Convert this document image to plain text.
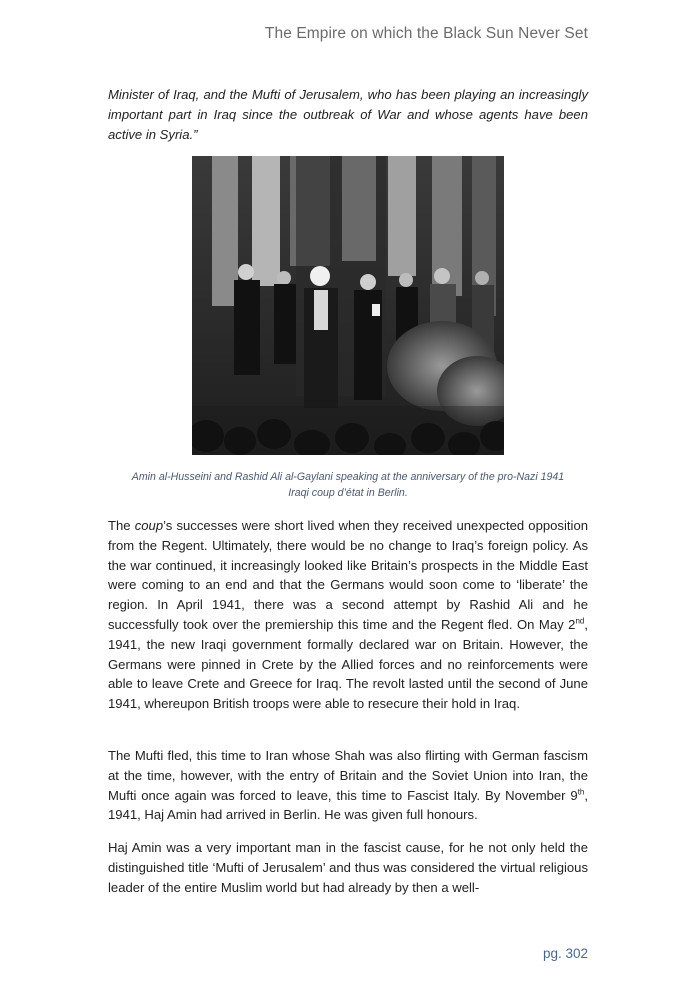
The Empire on which the Black Sun Never Set

Minister of Iraq, and the Mufti of Jerusalem, who has been playing an increasingly important part in Iraq since the outbreak of War and whose agents have been active in Syria.”

Amin al-Husseini and Rashid Ali al-Gaylani speaking at the anniversary of the pro-Nazi 1941
Iraqi coup d’état in Berlin.

The coup’s successes were short lived when they received unexpected opposition from the Regent. Ultimately, there would be no change to Iraq’s foreign policy. As the war continued, it increasingly looked like Britain’s prospects in the Middle East were coming to an end and that the Germans would soon come to ‘liberate’ the region. In April 1941, there was a second attempt by Rashid Ali and he successfully took over the premiership this time and the Regent fled. On May 2nd, 1941, the new Iraqi government formally declared war on Britain. However, the Germans were pinned in Crete by the Allied forces and no reinforcements were able to leave Crete and Greece for Iraq. The revolt lasted until the second of June 1941, whereupon British troops were able to resecure their hold in Iraq.

The Mufti fled, this time to Iran whose Shah was also flirting with German fascism at the time, however, with the entry of Britain and the Soviet Union into Iran, the Mufti once again was forced to leave, this time to Fascist Italy. By November 9th, 1941, Haj Amin had arrived in Berlin. He was given full honours.

Haj Amin was a very important man in the fascist cause, for he not only held the distinguished title ‘Mufti of Jerusalem’ and thus was considered the virtual religious leader of the entire Muslim world but had already by then a well-

pg. 302
